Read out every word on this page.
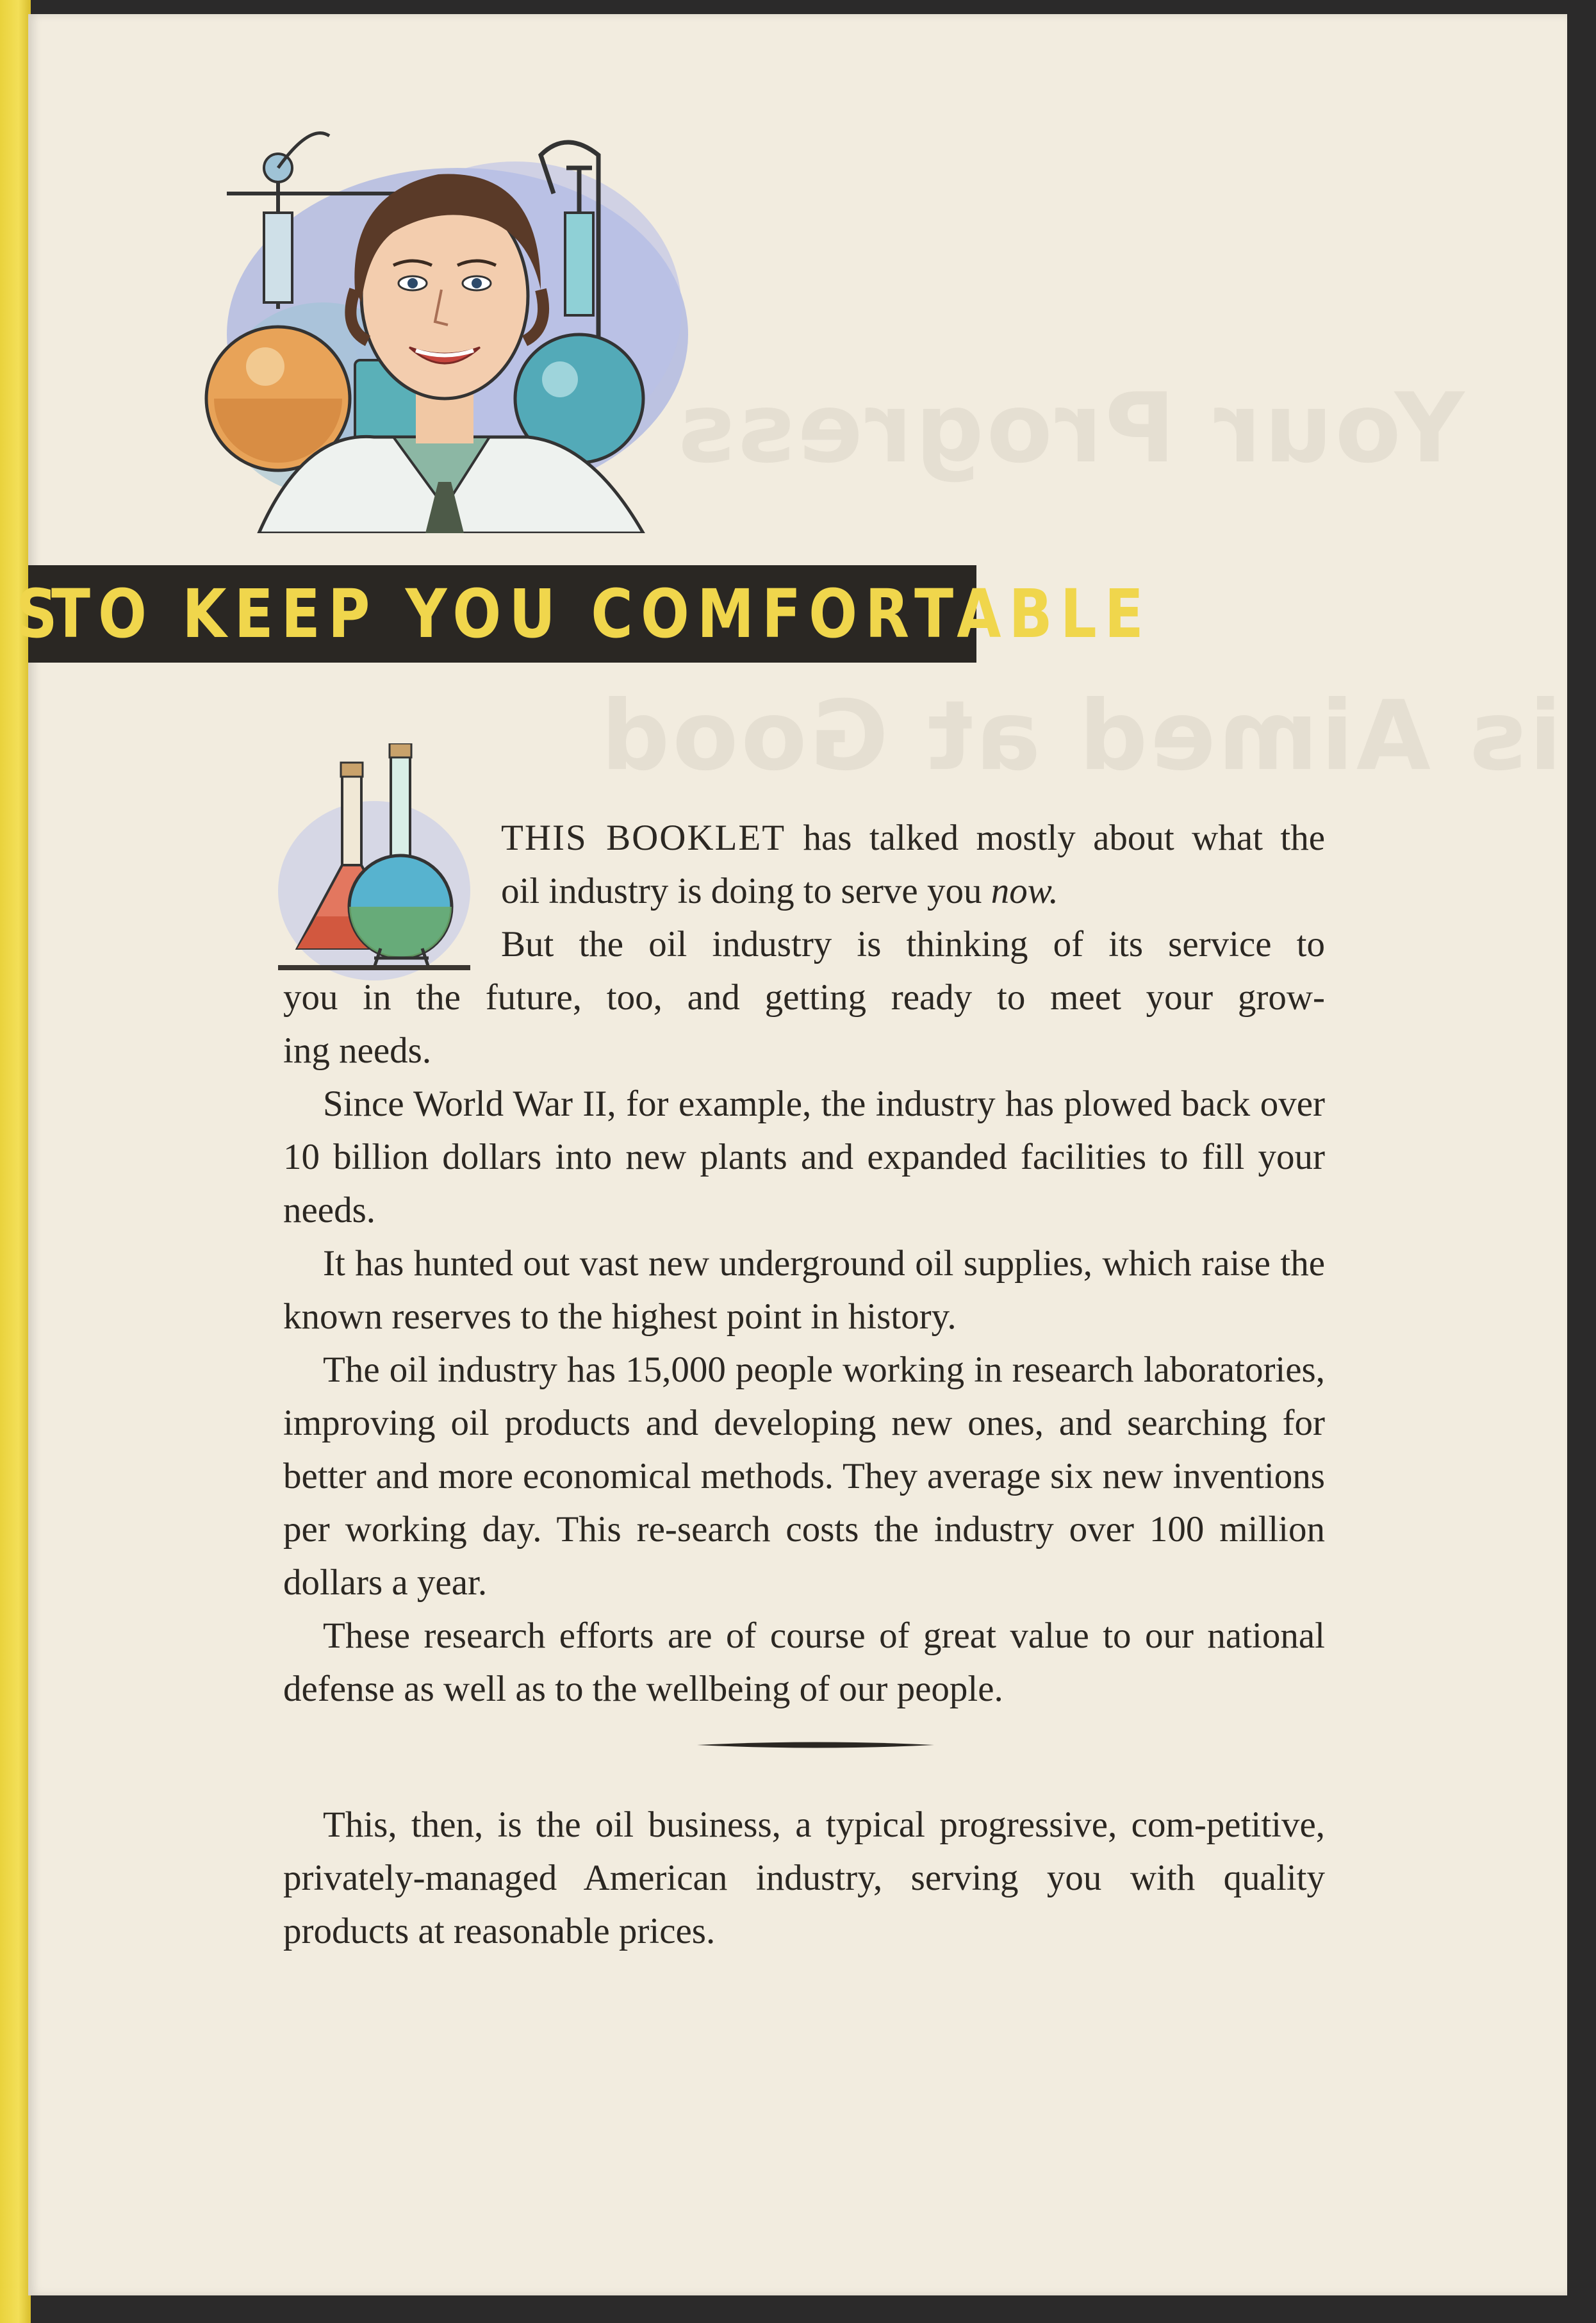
Your Progress
is Aimed at Good
S
TO KEEP YOU COMFORTABLE
THIS BOOKLET has talked mostly about what the
oil industry is doing to serve you now.
But the oil industry is thinking of its service to
you in the future, too, and getting ready to meet your grow-
ing needs.
Since World War II, for example, the industry has plowed back over 10 billion dollars into new plants and expanded facilities to fill your needs.
It has hunted out vast new underground oil supplies, which raise the known reserves to the highest point in history.
The oil industry has 15,000 people working in research laboratories, improving oil products and developing new ones, and searching for better and more economical methods. They average six new inventions per working day. This re-search costs the industry over 100 million dollars a year.
These research efforts are of course of great value to our national defense as well as to the wellbeing of our people.
This, then, is the oil business, a typical progressive, com-petitive, privately-managed American industry, serving you with quality products at reasonable prices.
